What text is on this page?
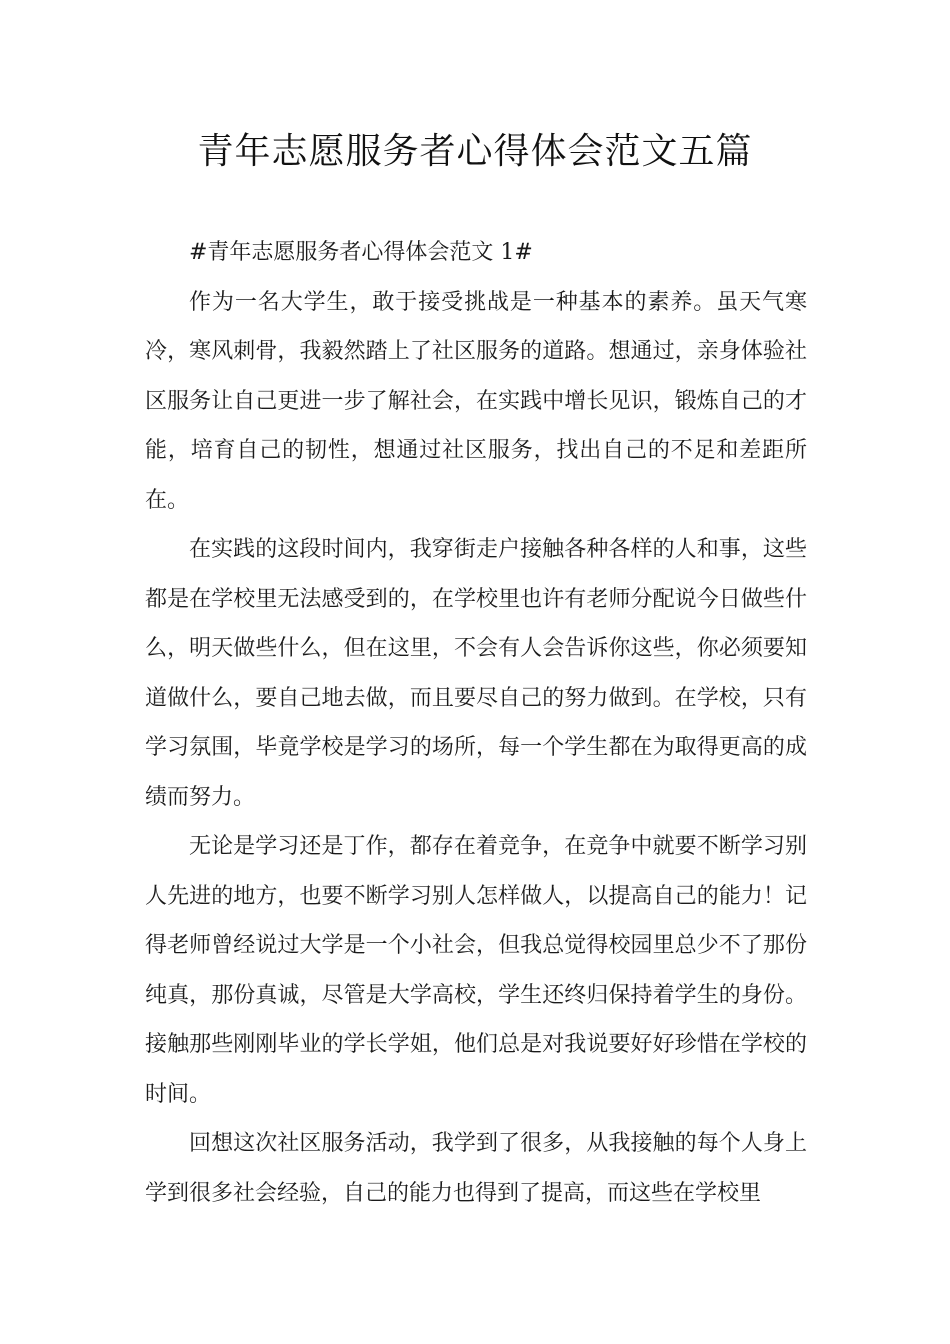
青年志愿服务者心得体会范文五篇

#青年志愿服务者心得体会范文 1#

作为一名大学生，敢于接受挑战是一种基本的素养。虽天气寒冷，寒风刺骨，我毅然踏上了社区服务的道路。想通过，亲身体验社区服务让自己更进一步了解社会，在实践中增长见识，锻炼自己的才能，培育自己的韧性，想通过社区服务，找出自己的不足和差距所在。

在实践的这段时间内，我穿街走户接触各种各样的人和事，这些都是在学校里无法感受到的，在学校里也许有老师分配说今日做些什么，明天做些什么，但在这里，不会有人会告诉你这些，你必须要知道做什么，要自己地去做，而且要尽自己的努力做到。在学校，只有学习氛围，毕竟学校是学习的场所，每一个学生都在为取得更高的成绩而努力。

无论是学习还是丁作，都存在着竞争，在竞争中就要不断学习别人先进的地方，也要不断学习别人怎样做人，以提高自己的能力！记得老师曾经说过大学是一个小社会，但我总觉得校园里总少不了那份纯真，那份真诚，尽管是大学高校，学生还终归保持着学生的身份。接触那些刚刚毕业的学长学姐，他们总是对我说要好好珍惜在学校的时间。

回想这次社区服务活动，我学到了很多，从我接触的每个人身上学到很多社会经验，自己的能力也得到了提高，而这些在学校里
